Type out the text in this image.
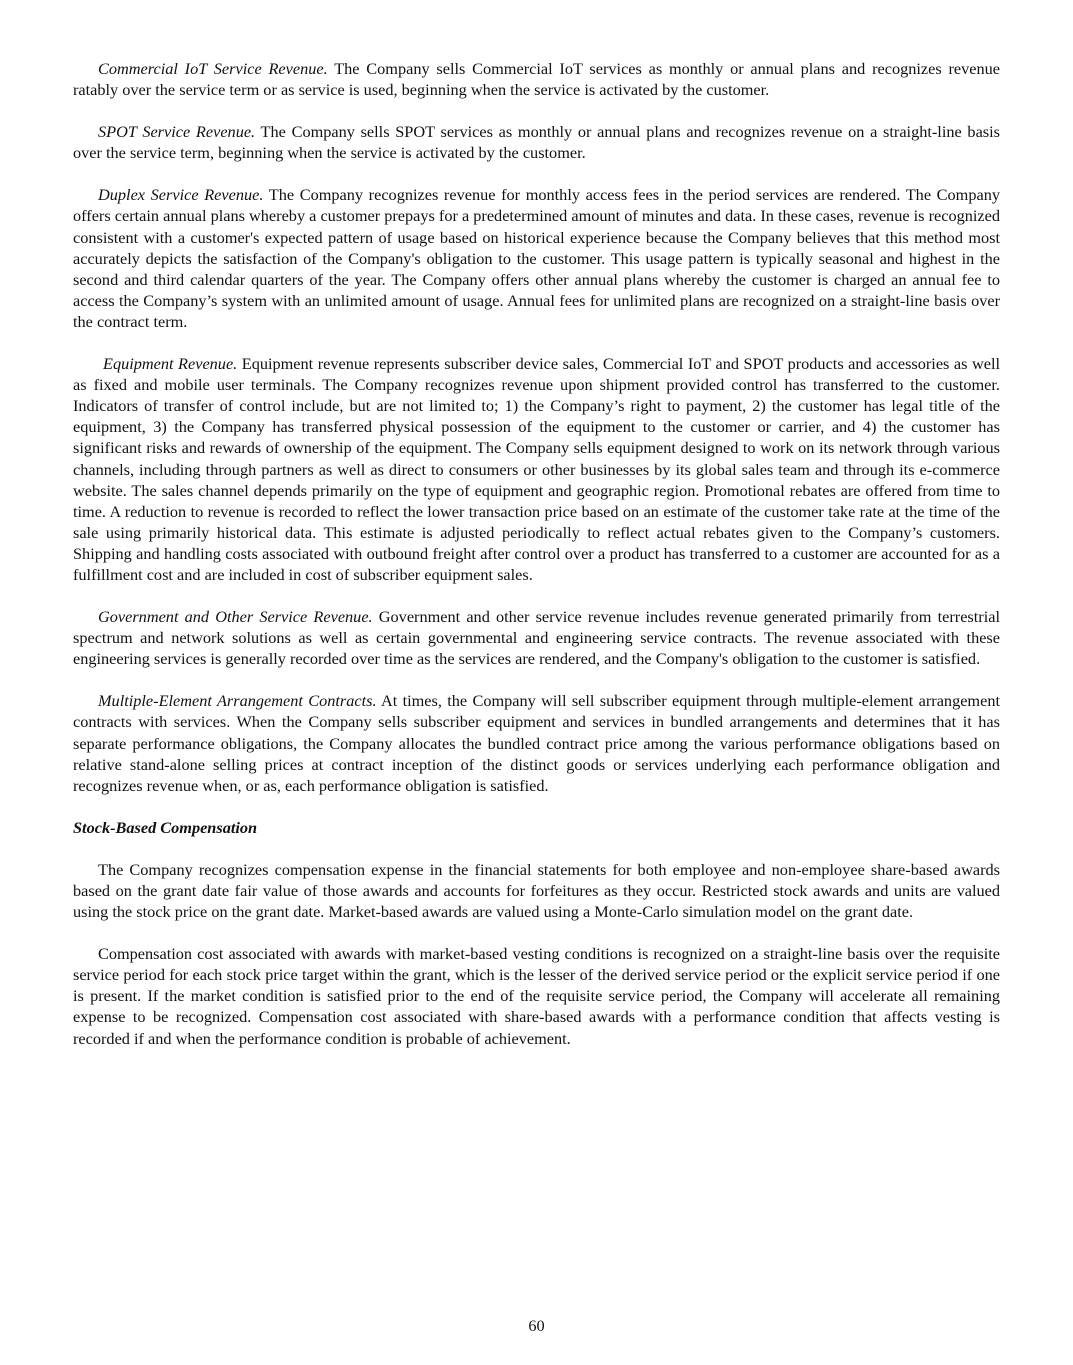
Commercial IoT Service Revenue. The Company sells Commercial IoT services as monthly or annual plans and recognizes revenue ratably over the service term or as service is used, beginning when the service is activated by the customer.

SPOT Service Revenue. The Company sells SPOT services as monthly or annual plans and recognizes revenue on a straight-line basis over the service term, beginning when the service is activated by the customer.

Duplex Service Revenue. The Company recognizes revenue for monthly access fees in the period services are rendered. The Company offers certain annual plans whereby a customer prepays for a predetermined amount of minutes and data. In these cases, revenue is recognized consistent with a customer's expected pattern of usage based on historical experience because the Company believes that this method most accurately depicts the satisfaction of the Company's obligation to the customer. This usage pattern is typically seasonal and highest in the second and third calendar quarters of the year. The Company offers other annual plans whereby the customer is charged an annual fee to access the Company’s system with an unlimited amount of usage. Annual fees for unlimited plans are recognized on a straight-line basis over the contract term.

Equipment Revenue. Equipment revenue represents subscriber device sales, Commercial IoT and SPOT products and accessories as well as fixed and mobile user terminals. The Company recognizes revenue upon shipment provided control has transferred to the customer. Indicators of transfer of control include, but are not limited to; 1) the Company’s right to payment, 2) the customer has legal title of the equipment, 3) the Company has transferred physical possession of the equipment to the customer or carrier, and 4) the customer has significant risks and rewards of ownership of the equipment. The Company sells equipment designed to work on its network through various channels, including through partners as well as direct to consumers or other businesses by its global sales team and through its e-commerce website. The sales channel depends primarily on the type of equipment and geographic region. Promotional rebates are offered from time to time. A reduction to revenue is recorded to reflect the lower transaction price based on an estimate of the customer take rate at the time of the sale using primarily historical data. This estimate is adjusted periodically to reflect actual rebates given to the Company’s customers. Shipping and handling costs associated with outbound freight after control over a product has transferred to a customer are accounted for as a fulfillment cost and are included in cost of subscriber equipment sales.

Government and Other Service Revenue. Government and other service revenue includes revenue generated primarily from terrestrial spectrum and network solutions as well as certain governmental and engineering service contracts. The revenue associated with these engineering services is generally recorded over time as the services are rendered, and the Company's obligation to the customer is satisfied.

Multiple-Element Arrangement Contracts. At times, the Company will sell subscriber equipment through multiple-element arrangement contracts with services. When the Company sells subscriber equipment and services in bundled arrangements and determines that it has separate performance obligations, the Company allocates the bundled contract price among the various performance obligations based on relative stand-alone selling prices at contract inception of the distinct goods or services underlying each performance obligation and recognizes revenue when, or as, each performance obligation is satisfied.

Stock-Based Compensation

The Company recognizes compensation expense in the financial statements for both employee and non-employee share-based awards based on the grant date fair value of those awards and accounts for forfeitures as they occur. Restricted stock awards and units are valued using the stock price on the grant date. Market-based awards are valued using a Monte-Carlo simulation model on the grant date.

Compensation cost associated with awards with market-based vesting conditions is recognized on a straight-line basis over the requisite service period for each stock price target within the grant, which is the lesser of the derived service period or the explicit service period if one is present. If the market condition is satisfied prior to the end of the requisite service period, the Company will accelerate all remaining expense to be recognized. Compensation cost associated with share-based awards with a performance condition that affects vesting is recorded if and when the performance condition is probable of achievement.

60
